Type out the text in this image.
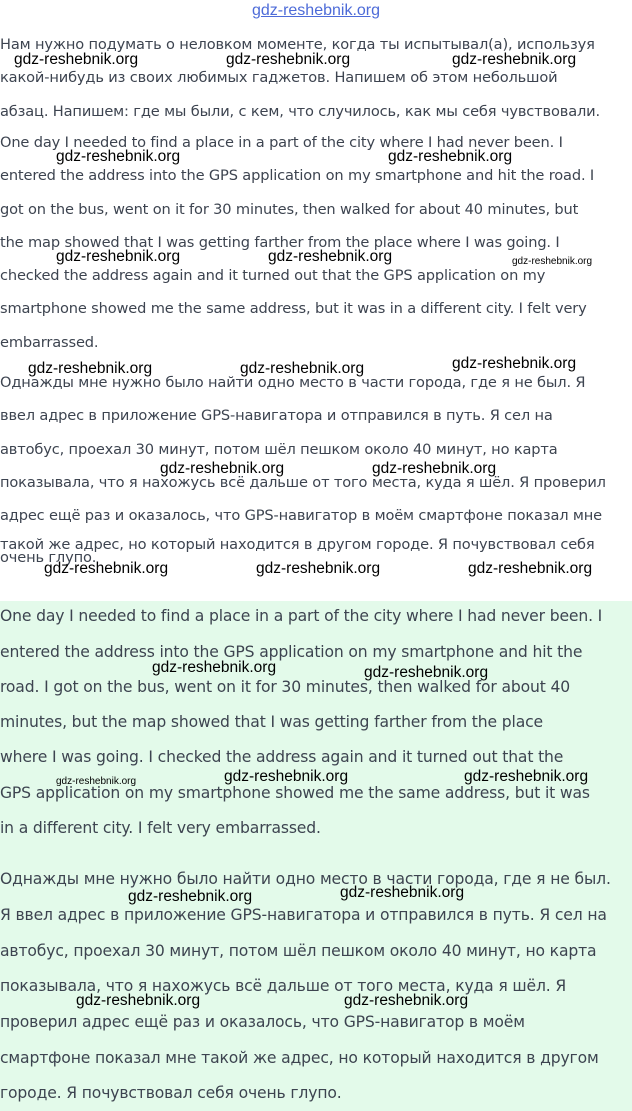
gdz-reshebnik.org
Нам нужно подумать о неловком моменте, когда ты испытывал(а), используя
какой-нибудь из своих любимых гаджетов. Напишем об этом небольшой
абзац. Напишем: где мы были, с кем, что случилось, как мы себя чувствовали.
One day I needed to find a place in a part of the city where I had never been. I
entered the address into the GPS application on my smartphone and hit the road. I
got on the bus, went on it for 30 minutes, then walked for about 40 minutes, but
the map showed that I was getting farther from the place where I was going. I
checked the address again and it turned out that the GPS application on my
smartphone showed me the same address, but it was in a different city. I felt very
embarrassed.
Однажды мне нужно было найти одно место в части города, где я не был. Я
ввел адрес в приложение GPS-навигатора и отправился в путь. Я сел на
автобус, проехал 30 минут, потом шёл пешком около 40 минут, но карта
показывала, что я нахожусь всё дальше от того места, куда я шёл. Я проверил
адрес ещё раз и оказалось, что GPS-навигатор в моём смартфоне показал мне
такой же адрес, но который находится в другом городе. Я почувствовал себя
очень глупо.
One day I needed to find a place in a part of the city where I had never been. I
entered the address into the GPS application on my smartphone and hit the
road. I got on the bus, went on it for 30 minutes, then walked for about 40
minutes, but the map showed that I was getting farther from the place
where I was going. I checked the address again and it turned out that the
GPS application on my smartphone showed me the same address, but it was
in a different city. I felt very embarrassed.
Однажды мне нужно было найти одно место в части города, где я не был.
Я ввел адрес в приложение GPS-навигатора и отправился в путь. Я сел на
автобус, проехал 30 минут, потом шёл пешком около 40 минут, но карта
показывала, что я нахожусь всё дальше от того места, куда я шёл. Я
проверил адрес ещё раз и оказалось, что GPS-навигатор в моём
смартфоне показал мне такой же адрес, но который находится в другом
городе. Я почувствовал себя очень глупо.
gdz-reshebnik.org	gdz-reshebnik.org	gdz-reshebnik.org
gdz-reshebnik.org	gdz-reshebnik.org
gdz-reshebnik.org	gdz-reshebnik.org	gdz-reshebnik.org
gdz-reshebnik.org	gdz-reshebnik.org	gdz-reshebnik.org
gdz-reshebnik.org	gdz-reshebnik.org
gdz-reshebnik.org	gdz-reshebnik.org	gdz-reshebnik.org
gdz-reshebnik.org	gdz-reshebnik.org
gdz-reshebnik.org	gdz-reshebnik.org	gdz-reshebnik.org
gdz-reshebnik.org	gdz-reshebnik.org
gdz-reshebnik.org	gdz-reshebnik.org
